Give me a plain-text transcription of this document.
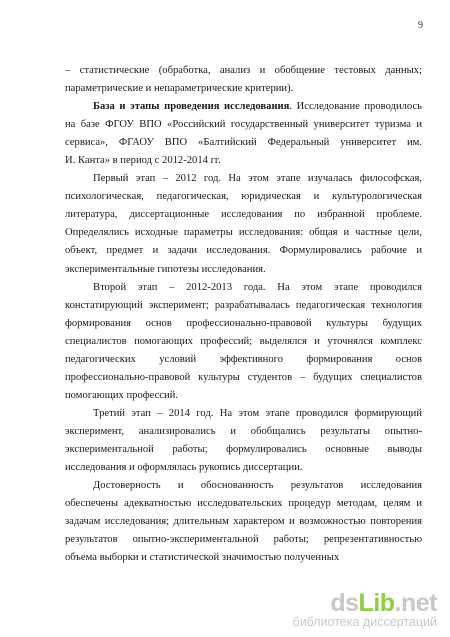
9
– статистические (обработка, анализ и обобщение тестовых данных;
параметрические и непараметрические критерии).
База и этапы проведения исследования. Исследование проводилось
на базе ФГОУ ВПО «Российский государственный университет туризма и
сервиса», ФГАОУ ВПО «Балтийский Федеральный университет им.
И. Канта» в период с 2012-2014 гг.
Первый этап – 2012 год. На этом этапе изучалась философская,
психологическая, педагогическая, юридическая и культурологическая
литература, диссертационные исследования по избранной проблеме.
Определялись исходные параметры исследования: общая и частные цели,
объект, предмет и задачи исследования. Формулировались рабочие и
экспериментальные гипотезы исследования.
Второй этап – 2012-2013 года. На этом этапе проводился
констатирующий эксперимент; разрабатывалась педагогическая технология
формирования основ профессионально-правовой культуры будущих
специалистов помогающих профессий; выделялся и уточнялся комплекс
педагогических условий эффективного формирования основ
профессионально-правовой культуры студентов – будущих специалистов
помогающих профессий.
Третий этап – 2014 год. На этом этапе проводился формирующий
эксперимент, анализировались и обобщались результаты опытно-
экспериментальной работы; формулировались основные выводы
исследования и оформлялась рукопись диссертации.
Достоверность и обоснованность результатов исследования
обеспечены адекватностью исследовательских процедур методам, целям и
задачам исследования; длительным характером и возможностью повторения
результатов опытно-экспериментальной работы; репрезентативностью
объема выборки и статистической значимостью полученных
dsLib.net
библиотека диссертаций
